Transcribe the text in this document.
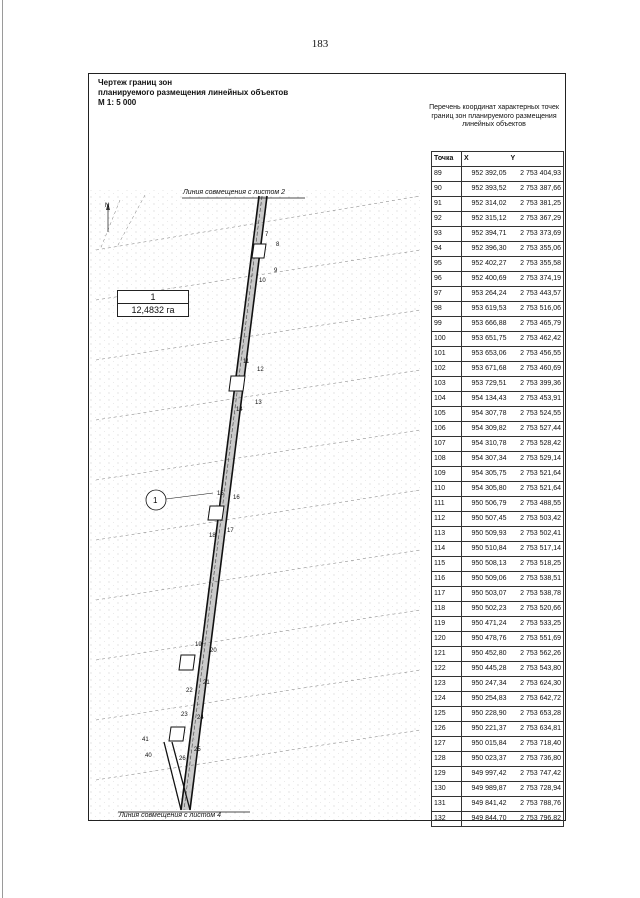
183
Чертеж границ зон
планируемого размещения линейных объектов
М 1: 5 000
N
1
7
8
9
10
11
12
13
14
15
16
17
18
19
20
21
22
23 24
25
26
40
41
Линия совмещения с листом 2
Линия совмещения с листом 4
1
12,4832 га
Перечень координат характерных точек границ зон планируемого размещения линейных объектов
Точка	X	Y
89	952 392,05	2 753 404,93
90	952 393,52	2 753 387,66
91	952 314,02	2 753 381,25
92	952 315,12	2 753 367,29
93	952 394,71	2 753 373,69
94	952 396,30	2 753 355,06
95	952 402,27	2 753 355,58
96	952 400,69	2 753 374,19
97	953 264,24	2 753 443,57
98	953 619,53	2 753 516,06
99	953 666,88	2 753 465,79
100	953 651,75	2 753 462,42
101	953 653,06	2 753 456,55
102	953 671,68	2 753 460,69
103	953 729,51	2 753 399,36
104	954 134,43	2 753 453,91
105	954 307,78	2 753 524,55
106	954 309,82	2 753 527,44
107	954 310,78	2 753 528,42
108	954 307,34	2 753 529,14
109	954 305,75	2 753 521,64
110	954 305,80	2 753 521,64
111	950 506,79	2 753 488,55
112	950 507,45	2 753 503,42
113	950 509,93	2 753 502,41
114	950 510,84	2 753 517,14
115	950 508,13	2 753 518,25
116	950 509,06	2 753 538,51
117	950 503,07	2 753 538,78
118	950 502,23	2 753 520,66
119	950 471,24	2 753 533,25
120	950 478,76	2 753 551,69
121	950 452,80	2 753 562,26
122	950 445,28	2 753 543,80
123	950 247,34	2 753 624,30
124	950 254,83	2 753 642,72
125	950 228,90	2 753 653,28
126	950 221,37	2 753 634,81
127	950 015,84	2 753 718,40
128	950 023,37	2 753 736,80
129	949 997,42	2 753 747,42
130	949 989,87	2 753 728,94
131	949 841,42	2 753 788,76
132	949 844,70	2 753 796,82
